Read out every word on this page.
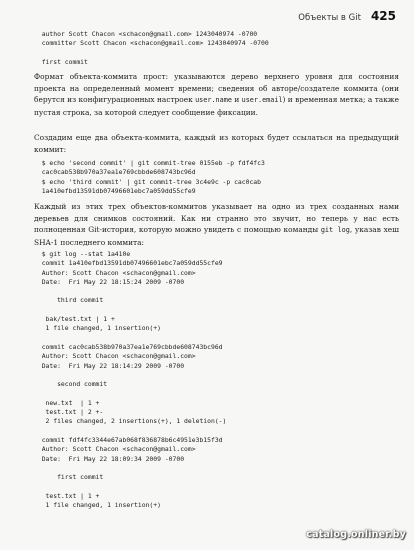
Объекты в Git 425
author Scott Chacon <schacon@gmail.com> 1243040974 -0700
committer Scott Chacon <schacon@gmail.com> 1243040974 -0700

first commit

Формат объекта-коммита прост: указываются дерево верхнего уровня для состояния проекта на определенный момент времени; сведения об авторе/создателе коммита (они берутся из конфигурационных настроек user.name и user.email) и временная метка; а также пустая строка, за которой следует сообщение фиксации.

Создадим еще два объекта-коммита, каждый из которых будет ссылаться на предыдущий коммит:

$ echo 'second commit' | git commit-tree 0155eb -p fdf4fc3
cac0cab538b970a37ea1e769cbbde608743bc96d
$ echo 'third commit' | git commit-tree 3c4e9c -p cac0cab
1a410efbd13591db07496601ebc7a059dd55cfe9

Каждый из этих трех объектов-коммитов указывает на одно из трех созданных нами деревьев для снимков состояний. Как ни странно это звучит, но теперь у нас есть полноценная Git-история, которую можно увидеть с помощью команды git log, указав хеш SHA-1 последнего коммита:

$ git log --stat 1a410e
commit 1a410efbd13591db07496601ebc7a059dd55cfe9
Author: Scott Chacon <schacon@gmail.com>
Date:  Fri May 22 18:15:24 2009 -0700

third commit

bak/test.txt | 1 +
1 file changed, 1 insertion(+)

commit cac0cab538b970a37ea1e769cbbde608743bc96d
Author: Scott Chacon <schacon@gmail.com>
Date:  Fri May 22 18:14:29 2009 -0700

second commit

new.txt  | 1 +
test.txt | 2 +-
2 files changed, 2 insertions(+), 1 deletion(-)

commit fdf4fc3344e67ab068f836878b6c4951e3b15f3d
Author: Scott Chacon <schacon@gmail.com>
Date:  Fri May 22 18:09:34 2009 -0700

first commit

test.txt | 1 +
1 file changed, 1 insertion(+)
catalog.onliner.by
